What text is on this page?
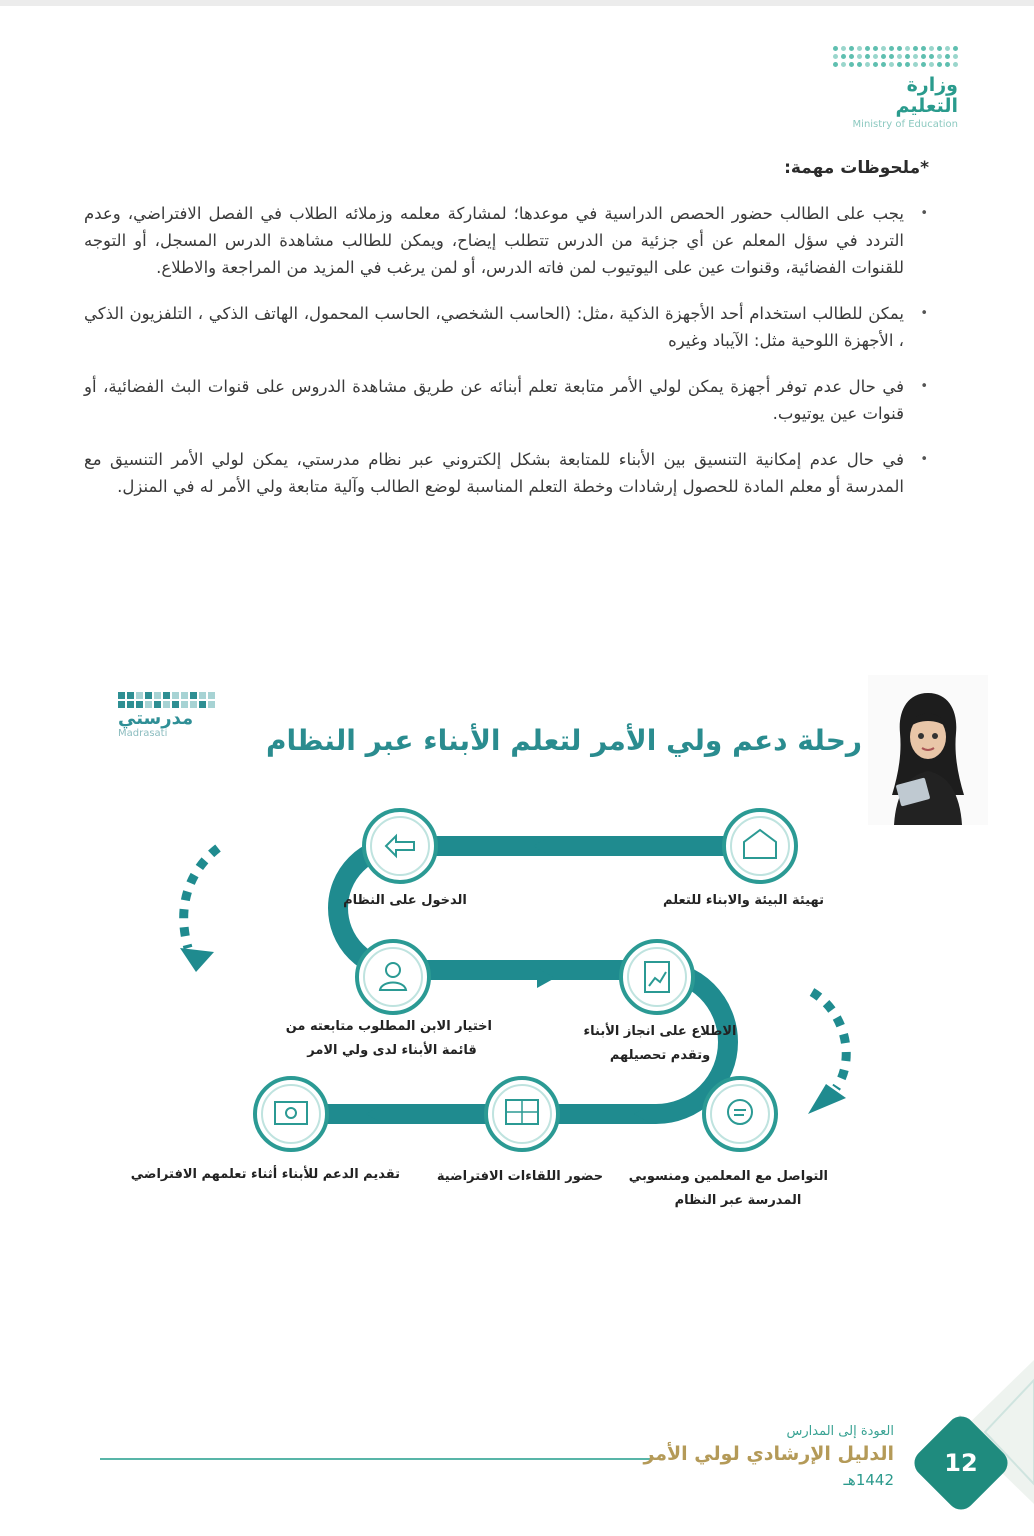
وزارة التعليم
Ministry of Education
*ملحوظات مهمة:
• يجب على الطالب حضور الحصص الدراسية في موعدها؛ لمشاركة معلمه وزملائه الطلاب في الفصل الافتراضي، وعدم التردد في سؤل المعلم عن أي جزئية من الدرس تتطلب إيضاح، ويمكن للطالب مشاهدة الدرس المسجل، أو التوجه للقنوات الفضائية، وقنوات عين على اليوتيوب لمن فاته الدرس، أو لمن يرغب في المزيد من المراجعة والاطلاع.
• يمكن للطالب استخدام أحد الأجهزة الذكية ،مثل: (الحاسب الشخصي، الحاسب المحمول، الهاتف الذكي ، التلفزيون الذكي ، الأجهزة اللوحية مثل: الآيباد وغيره
• في حال عدم توفر أجهزة يمكن لولي الأمر متابعة تعلم أبنائه عن طريق مشاهدة الدروس على قنوات البث الفضائية، أو قنوات عين يوتيوب.
• في حال عدم إمكانية التنسيق بين الأبناء للمتابعة بشكل إلكتروني عبر نظام مدرستي، يمكن لولي الأمر التنسيق مع المدرسة أو معلم المادة للحصول إرشادات وخطة التعلم المناسبة لوضع الطالب وآلية متابعة ولي الأمر له في المنزل.
مدرستي
Madrasati	رحلة دعم ولي الأمر لتعلم الأبناء عبر النظام
تهيئة البيئة والابناء للتعلم
الدخول على النظام
اختيار الابن المطلوب متابعته من
قائمة الأبناء لدى ولي الامر
الاطلاع على انجاز الأبناء
وتقدم تحصيلهم
التواصل مع المعلمين ومنسوبي
المدرسة عبر النظام
حضور اللقاءات الافتراضية
تقديم الدعم للأبناء أثناء تعلمهم الافتراضي
12
العودة إلى المدارس
الدليل الإرشادي لولي الأمر
1442هـ
